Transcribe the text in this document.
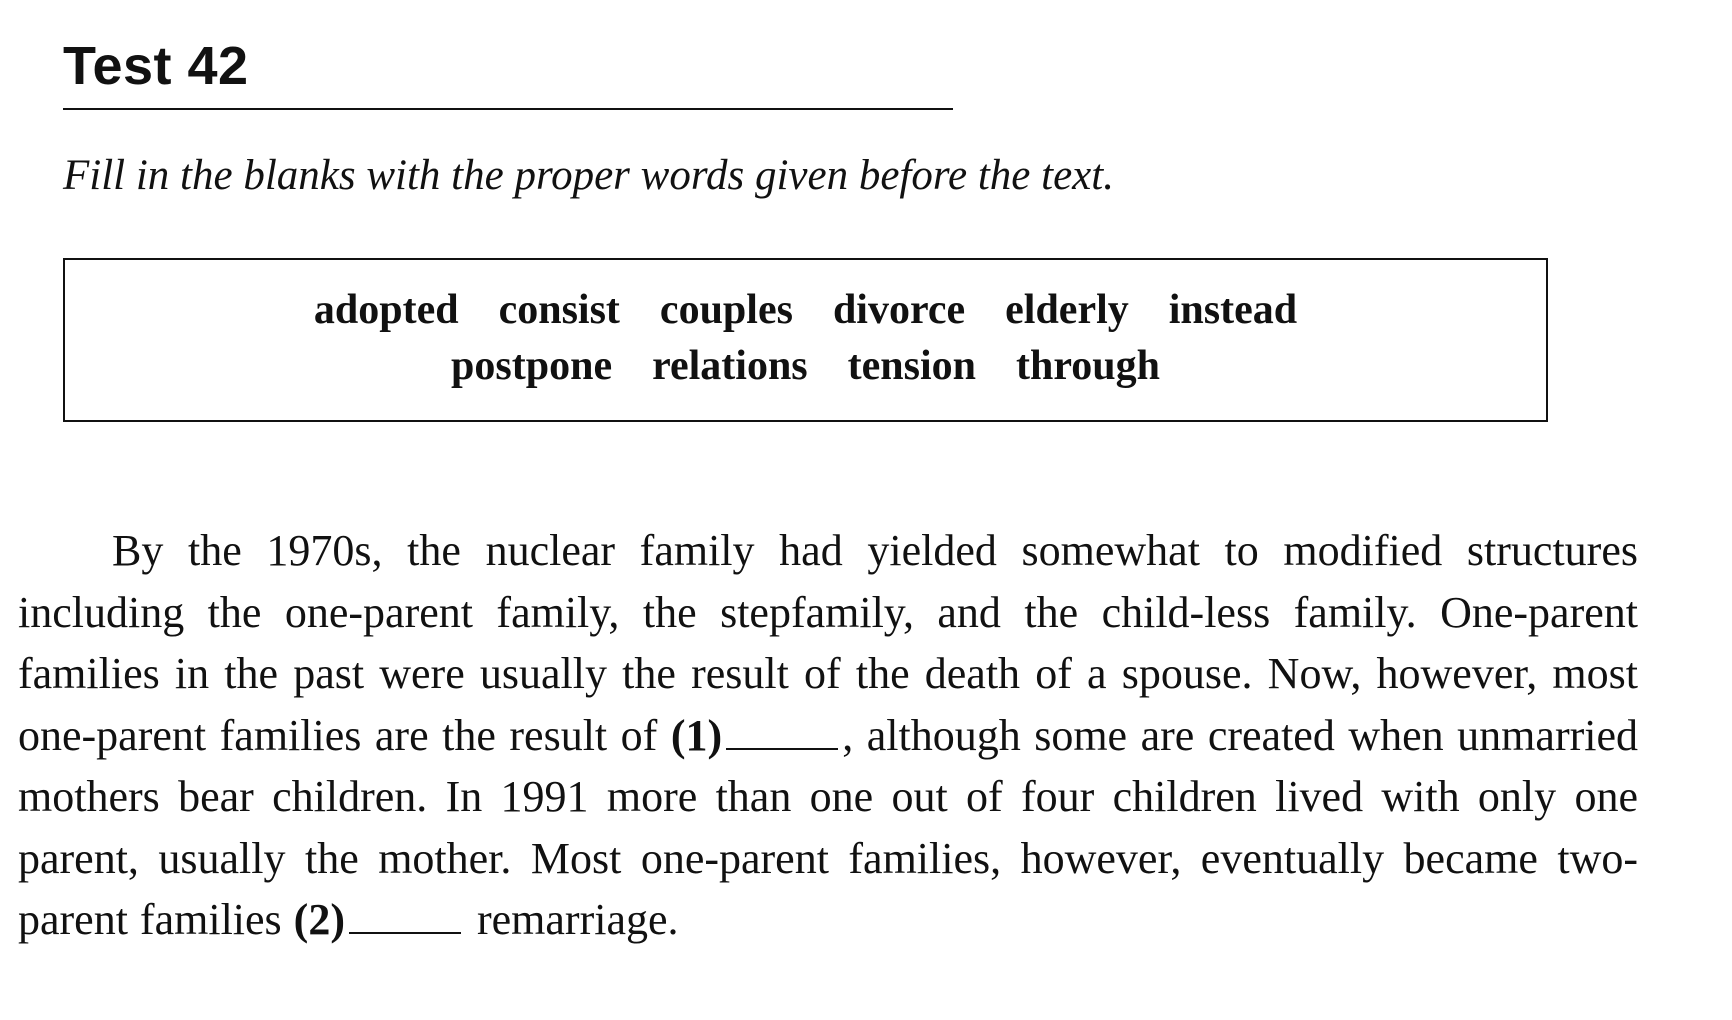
Test 42

Fill in the blanks with the proper words given before the text.

adopted consist couples divorce elderly instead
postpone relations tension through

By the 1970s, the nuclear family had yielded somewhat to modified structures including the one-parent family, the stepfamily, and the child-less family. One-parent families in the past were usually the result of the death of a spouse. Now, however, most one-parent families are the result of (1)	, although some are created when unmarried mothers bear children. In 1991 more than one out of four children lived with only one parent, usually the mother. Most one-parent families, however, eventually became two-parent families (2)	remarriage.
